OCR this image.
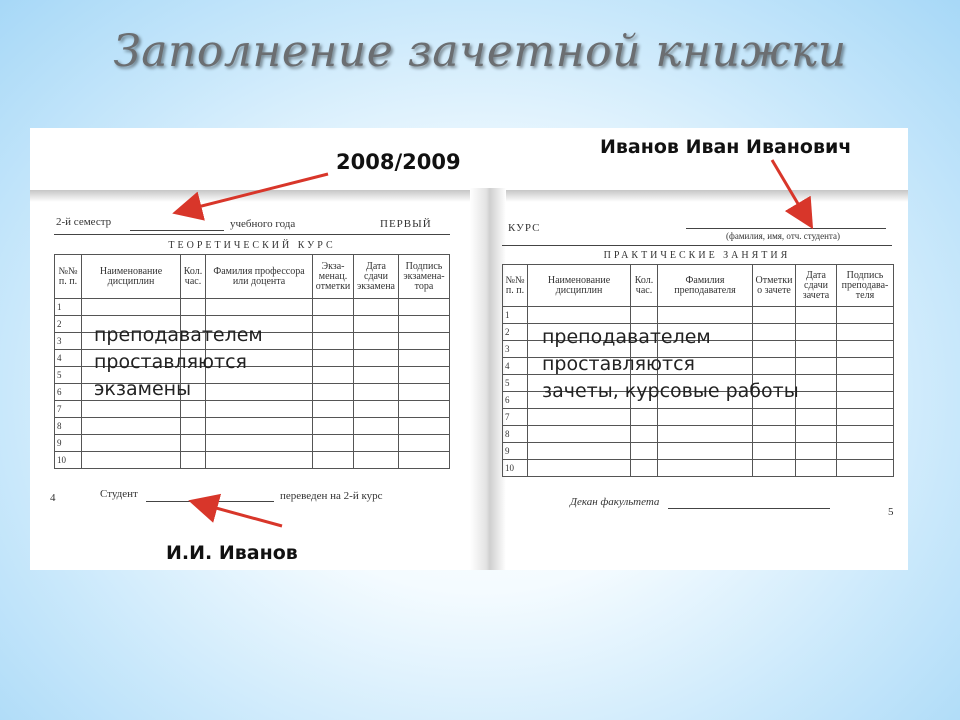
Заполнение зачетной книжки
2008/2009
Иванов Иван Иванович
И.И. Иванов
2-й семестр	учебного года	ПЕРВЫЙ
ТЕОРЕТИЧЕСКИЙ КУРС
№№ п. п.	Наименование дисциплин	Кол. час.	Фамилия профессора или доцента	Экза-менац. отметки	Дата сдачи экзамена	Подпись экзамена-тора
1						
2						
3						
4						
5						
6						
7						
8						
9						
10						
преподавателем
проставляются
экзамены
4	Студент	переведен на 2-й курс
КУРС
(фамилия, имя, отч. студента)
ПРАКТИЧЕСКИЕ ЗАНЯТИЯ
№№ п. п.	Наименование дисциплин	Кол. час.	Фамилия преподавателя	Отметки о зачете	Дата сдачи зачета	Подпись преподава-теля
1						
2						
3						
4						
5						
6						
7						
8						
9						
10						
преподавателем
проставляются
зачеты, курсовые работы
Декан факультета
5
